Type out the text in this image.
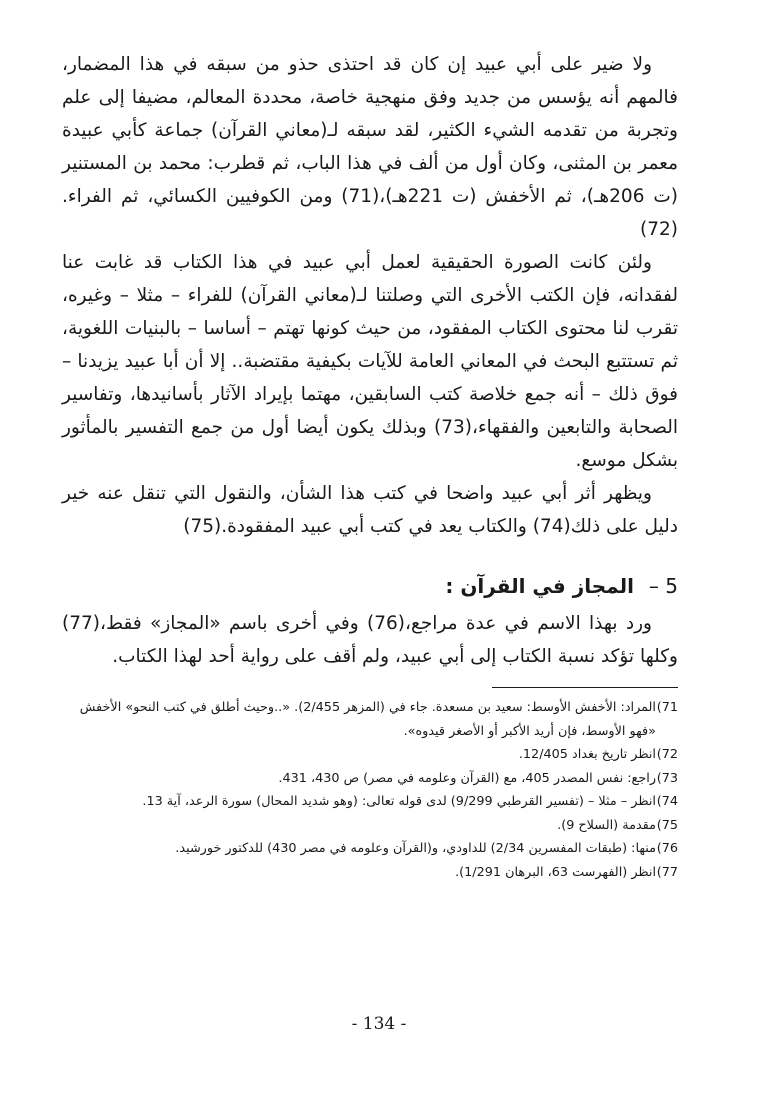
ولا ضير على أبي عبيد إن كان قد احتذى حذو من سبقه في هذا المضمار، فالمهم أنه يؤسس من جديد وفق منهجية خاصة، محددة المعالم، مضيفا إلى علم وتجربة من تقدمه الشيء الكثير، لقد سبقه لـ(معاني القرآن) جماعة كأبي عبيدة معمر بن المثنى، وكان أول من ألف في هذا الباب، ثم قطرب: محمد بن المستنير (ت 206هـ)، ثم الأخفش (ت 221هـ)،(71) ومن الكوفيين الكسائي، ثم الفراء.(72)

ولئن كانت الصورة الحقيقية لعمل أبي عبيد في هذا الكتاب قد غابت عنا لفقدانه، فإن الكتب الأخرى التي وصلتنا لـ(معاني القرآن) للفراء – مثلا – وغيره، تقرب لنا محتوى الكتاب المفقود، من حيث كونها تهتم – أساسا – بالبنيات اللغوية، ثم تستتبع البحث في المعاني العامة للآيات بكيفية مقتضبة.. إلا أن أبا عبيد يزيدنا – فوق ذلك – أنه جمع خلاصة كتب السابقين، مهتما بإيراد الآثار بأسانيدها، وتفاسير الصحابة والتابعين والفقهاء،(73) وبذلك يكون أيضا أول من جمع التفسير بالمأثور بشكل موسع.

ويظهر أثر أبي عبيد واضحا في كتب هذا الشأن، والنقول التي تنقل عنه خير دليل على ذلك(74) والكتاب يعد في كتب أبي عبيد المفقودة.(75)

5 – المجاز في القرآن :

ورد بهذا الاسم في عدة مراجع،(76) وفي أخرى باسم «المجاز» فقط،(77) وكلها تؤكد نسبة الكتاب إلى أبي عبيد، ولم أقف على رواية أحد لهذا الكتاب.

71)المراد: الأخفش الأوسط: سعيد بن مسعدة. جاء في (المزهر 2/455). «..وحيث أطلق في كتب النحو» الأخفش «فهو الأوسط، فإن أريد الأكبر أو الأصغر قيدوه».

72)انظر تاريخ بغداد 12/405.

73)راجع: نفس المصدر 405، مع (القرآن وعلومه في مصر) ص 430، 431.

74)انظر – مثلا – (تفسير القرطبي 9/299) لدى قوله تعالى: (وهو شديد المحال) سورة الرعد، آية 13.

75)مقدمة (السلاح 9).

76)منها: (طبقات المفسرين 2/34) للداودي، و(القرآن وعلومه في مصر 430) للدكتور خورشيد.

77)انظر (الفهرست 63، البرهان 1/291).

- 134 -
